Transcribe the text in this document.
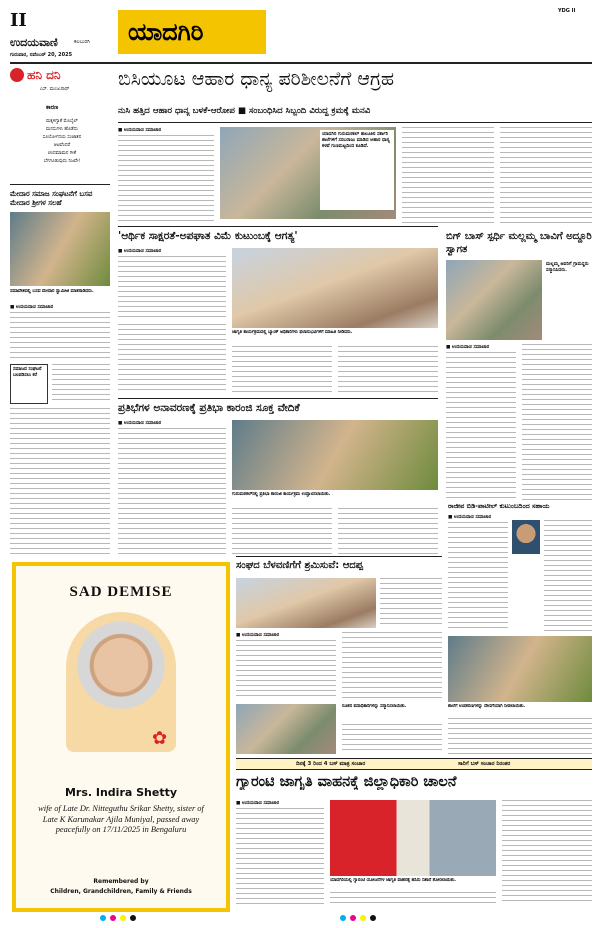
II
ಉದಯವಾಣಿ	ಕಲಬುರಗಿ
ಗುರುವಾರ, ನವೆಂಬರ್ 20, 2025
ಯಾದಗಿರಿ
YDG II
ಹನಿ ದನಿ
ಎಸ್. ಮಂಜುನಾಥ್
ಕಾರಣ
ಮಕ್ಕಳಿಗ್ಯಾಕೆ ಮೊಬೈಲ್
ಮನಸುಗಳು ಹೊಡೆದು
ಸೂರ್ಯೋದಯ ಸಂಜಾತನ
ಆಟವೆಂದರೆ
ಚಂದಮಾಮನ ಗೀತೆ
ಬೆಗಗೂಡುವುದು ನಿಜವೇ!
ಬಿಸಿಯೂಟ ಆಹಾರ ಧಾನ್ಯ ಪರಿಶೀಲನೆಗೆ ಆಗ್ರಹ
ನುಸಿ ಹತ್ತಿದ ಆಹಾರ ಧಾನ್ಯ ಬಳಕೆ-ಆರೋಪ ■ ಸಂಬಂಧಿಸಿದ ಸಿಬ್ಬಂದಿ ವಿರುದ್ಧ ಕ್ರಮಕ್ಕೆ ಮನವಿ
■ ಉದಯವಾಣಿ ಸಮಾಚಾರ
ಯಾದಗಿರಿ ಗುರುಮಠಕಲ್ ತಾಲೂಕಿನ ಸರ್ಕಾರಿ ಶಾಲೆಗಳಿಗೆ ಸರಬರಾಜು ಮಾಡಿದ ಆಹಾರ ಧಾನ್ಯ ಕಳಪೆ ಗುಣಮಟ್ಟದಿಂದ ಕೂಡಿದೆ.
ಮೇದಾರ ಸಮಾಜ ಸಂಘಟನೆಗೆ ಬಸವ ಮೇದಾರ ಶ್ರೀಗಳ ಸಲಹೆ
ಸಮಾವೇಶದಲ್ಲಿ ಬಸವ ಮೇದಾರ ಸ್ವಾಮೀಜಿ ಮಾತನಾಡಿದರು.
■ ಉದಯವಾಣಿ ಸಮಾಚಾರ
ಸಮಾಜದ ಸಂಘಟನೆ ಬಲಪಡಿಸಲು ಕರೆ
'ಆರ್ಥಿಕ ಸಾಕ್ಷರತೆ-ಅಪಘಾತ ವಿಮೆ ಕುಟುಂಬಕ್ಕೆ ಆಗತ್ಯ'
■ ಉದಯವಾಣಿ ಸಮಾಚಾರ
ಜಾಗೃತಿ ಕಾರ್ಯಕ್ರಮದಲ್ಲಿ ಬ್ಯಾಂಕ್ ಅಧಿಕಾರಿಗಳು ಫಲಾನುಭವಿಗಳಿಗೆ ಮಾಹಿತಿ ನೀಡಿದರು.
ಬಿಗ್ ಬಾಸ್ ಸ್ಪರ್ಧಿ ಮಲ್ಲಮ್ಮ ಬಾವಿಗೆ ಅದ್ದೂರಿ ಸ್ವಾಗತ
ಮಲ್ಲಮ್ಮ ಅವರಿಗೆ ಗ್ರಾಮಸ್ಥರು ಸನ್ಮಾನಿಸಿದರು.
■ ಉದಯವಾಣಿ ಸಮಾಚಾರ
ಪ್ರತಿಭೆಗಳ ಅನಾವರಣಕ್ಕೆ ಪ್ರತಿಭಾ ಕಾರಂಜಿ ಸೂಕ್ತ ವೇದಿಕೆ
■ ಉದಯವಾಣಿ ಸಮಾಚಾರ
ಗುರುಮಠಕಲ್‌ನಲ್ಲಿ ಪ್ರತಿಭಾ ಕಾರಂಜಿ ಕಾರ್ಯಕ್ರಮ ಉದ್ಘಾಟಿಸಲಾಯಿತು.
SAD DEMISE
✿
Mrs. Indira Shetty
wife of Late Dr. Nitteguthu Srikar Shetty, sister of Late K Karunakar Ajila Muniyal, passed away peacefully on 17/11/2025 in Bengaluru
Remembered by
Children, Grandchildren, Family & Friends
ಸಂಘದ ಬೆಳವಣಿಗೆಗೆ ಶ್ರಮಿಸುವೆ: ಆದಪ್ಪ
■ ಉದಯವಾಣಿ ಸಮಾಚಾರ
ನೂತನ ಪದಾಧಿಕಾರಿಗಳನ್ನು ಸನ್ಮಾನಿಸಲಾಯಿತು.
ರಾಜೀವ ಬಿಡಿ-ಪಾಟೀಲ್ ಕುಟುಂಬದಿಂದ ಸಹಾಯ
■ ಉದಯವಾಣಿ ಸಮಾಚಾರ
ಶಾಲೆಗೆ ಉಪಕರಣಗಳನ್ನು ದೇಣಿಗೆಯಾಗಿ ನೀಡಲಾಯಿತು.
ದಿನಕ್ಕೆ 3 ರಿಂದ 4 ಬಸ್ ಮಾತ್ರ ಸಂಚಾರ	ಸಾರಿಗೆ ಬಸ್ ಸಂಚಾರ ನಿರಂತರ
ಗ್ಯಾರಂಟಿ ಜಾಗೃತಿ ವಾಹನಕ್ಕೆ ಜಿಲ್ಲಾಧಿಕಾರಿ ಚಾಲನೆ
■ ಉದಯವಾಣಿ ಸಮಾಚಾರ
ಯಾದಗಿರಿಯಲ್ಲಿ ಗ್ಯಾರಂಟಿ ಯೋಜನೆಗಳ ಜಾಗೃತಿ ವಾಹನಕ್ಕೆ ಹಸಿರು ನಿಶಾನೆ ತೋರಲಾಯಿತು.
